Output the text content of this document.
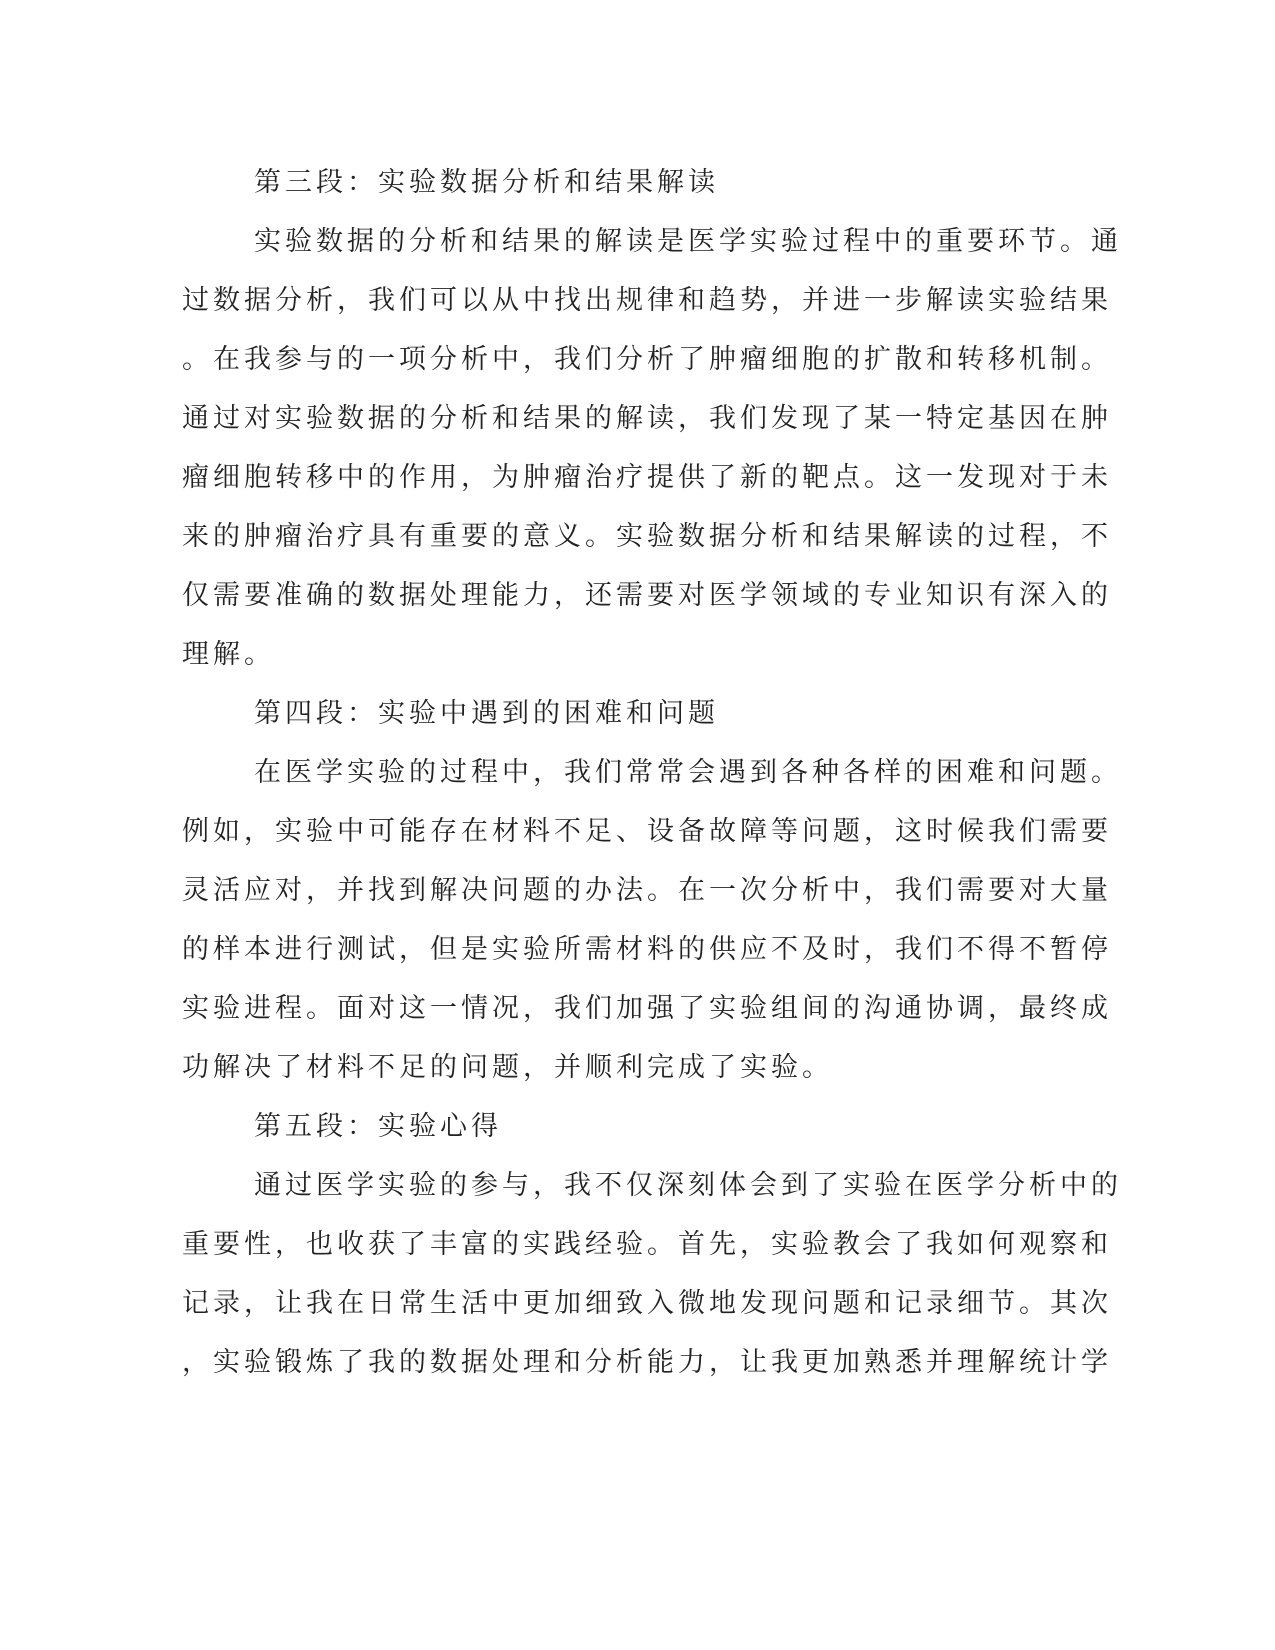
第三段：实验数据分析和结果解读
实验数据的分析和结果的解读是医学实验过程中的重要环节。通
过数据分析，我们可以从中找出规律和趋势，并进一步解读实验结果
。在我参与的一项分析中，我们分析了肿瘤细胞的扩散和转移机制。
通过对实验数据的分析和结果的解读，我们发现了某一特定基因在肿
瘤细胞转移中的作用，为肿瘤治疗提供了新的靶点。这一发现对于未
来的肿瘤治疗具有重要的意义。实验数据分析和结果解读的过程，不
仅需要准确的数据处理能力，还需要对医学领域的专业知识有深入的
理解。
第四段：实验中遇到的困难和问题
在医学实验的过程中，我们常常会遇到各种各样的困难和问题。
例如，实验中可能存在材料不足、设备故障等问题，这时候我们需要
灵活应对，并找到解决问题的办法。在一次分析中，我们需要对大量
的样本进行测试，但是实验所需材料的供应不及时，我们不得不暂停
实验进程。面对这一情况，我们加强了实验组间的沟通协调，最终成
功解决了材料不足的问题，并顺利完成了实验。
第五段：实验心得
通过医学实验的参与，我不仅深刻体会到了实验在医学分析中的
重要性，也收获了丰富的实践经验。首先，实验教会了我如何观察和
记录，让我在日常生活中更加细致入微地发现问题和记录细节。其次
，实验锻炼了我的数据处理和分析能力，让我更加熟悉并理解统计学
